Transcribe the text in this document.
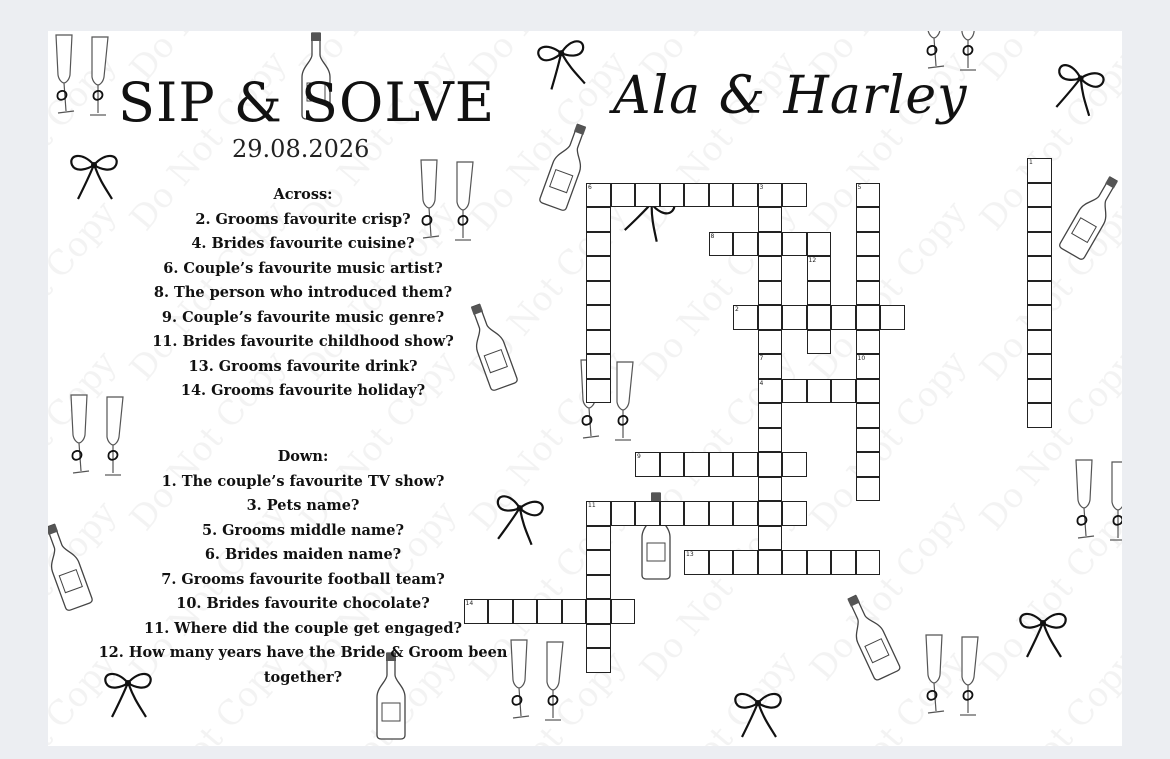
SIP & SOLVE
29.08.2026
Across:
2. Grooms favourite crisp?
4. Brides favourite cuisine?
6. Couple’s favourite music artist?
8. The person who introduced them?
9. Couple’s favourite music genre?
11. Brides favourite childhood show?
13. Grooms favourite drink?
14. Grooms favourite holiday?
Down:
1. The couple’s favourite TV show?
3. Pets name?
5. Grooms middle name?
6. Brides maiden name?
7. Grooms favourite football team?
10. Brides favourite chocolate?
11. Where did the couple get engaged?
12. How many years have the Bride & Groom been together?
Ala & Harley
1
2
3
4
5
6
7
8
9
10
11
12
13
14
